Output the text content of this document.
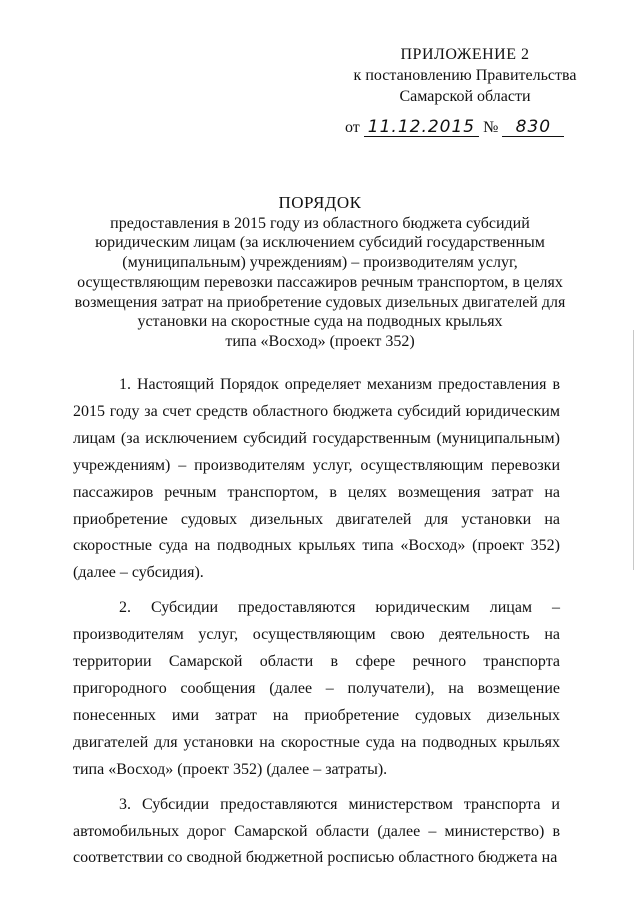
ПРИЛОЖЕНИЕ 2
к постановлению Правительства
Самарской области
от 11.12.2015 № 830
ПОРЯДОК
предоставления в 2015 году из областного бюджета субсидий
юридическим лицам (за исключением субсидий государственным
(муниципальным) учреждениям) – производителям услуг,
осуществляющим перевозки пассажиров речным транспортом, в целях
возмещения затрат на приобретение судовых дизельных двигателей для
установки на скоростные суда на подводных крыльях
типа «Восход» (проект 352)

1. Настоящий Порядок определяет механизм предоставления в 2015 году за счет средств областного бюджета субсидий юридическим лицам (за исключением субсидий государственным (муниципальным) учреждениям) – производителям услуг, осуществляющим перевозки пассажиров речным транспортом, в целях возмещения затрат на приобретение судовых дизельных двигателей для установки на скоростные суда на подводных крыльях типа «Восход» (проект 352) (далее – субсидия).

2. Субсидии предоставляются юридическим лицам – производителям услуг, осуществляющим свою деятельность на территории Самарской области в сфере речного транспорта пригородного сообщения (далее – получатели), на возмещение понесенных ими затрат на приобретение судовых дизельных двигателей для установки на скоростные суда на подводных крыльях типа «Восход» (проект 352) (далее – затраты).

3. Субсидии предоставляются министерством транспорта и автомобильных дорог Самарской области (далее – министерство) в соответствии со сводной бюджетной росписью областного бюджета на
